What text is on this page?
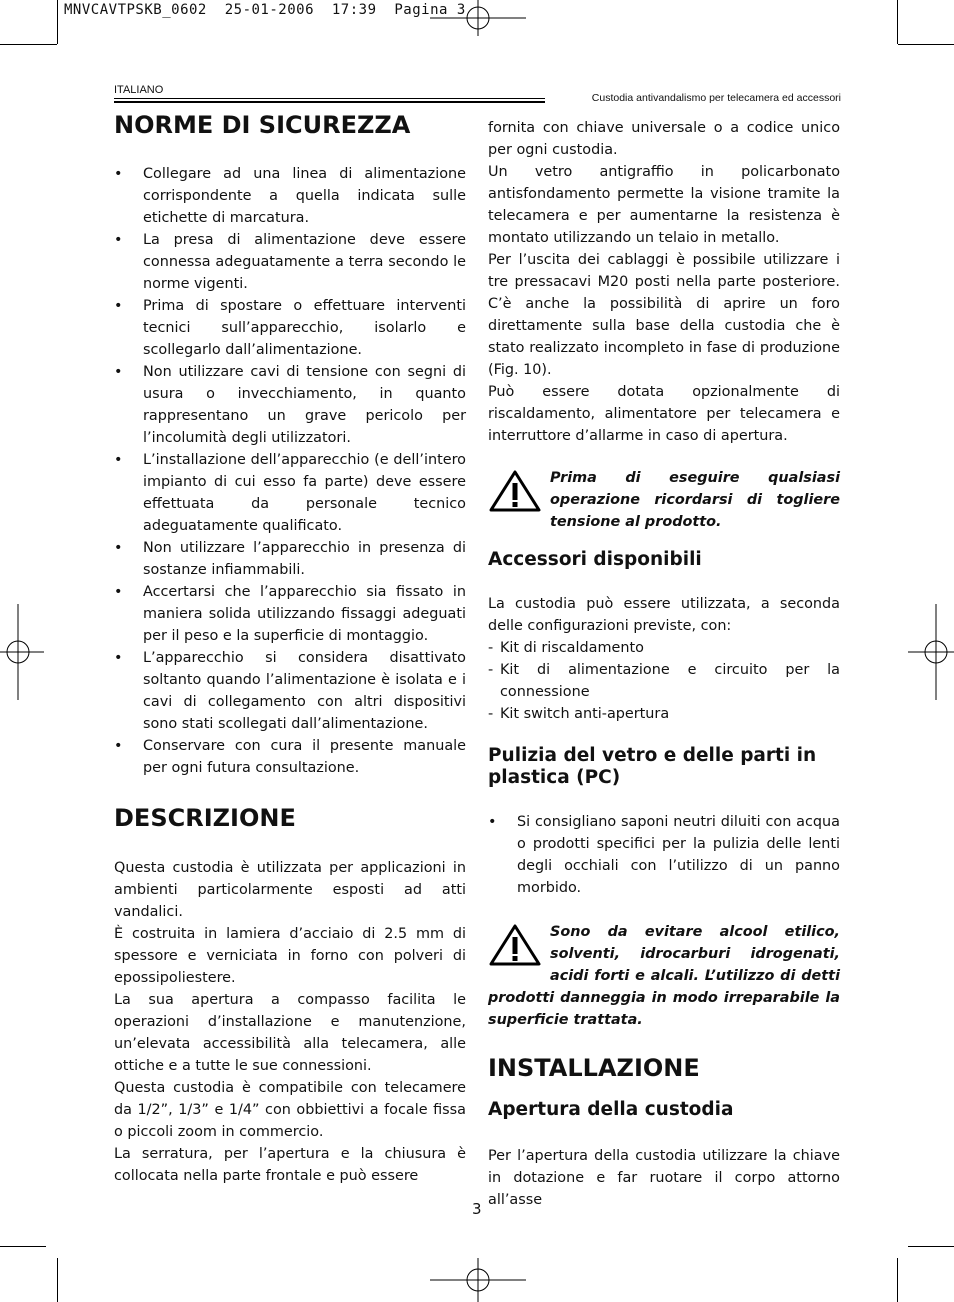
MNVCAVTPSKB_0602  25-01-2006  17:39  Pagina 3
ITALIANO
Custodia antivandalismo per telecamera ed accessori
NORME DI SICUREZZA
• Collegare ad una linea di alimentazione corrispondente a quella indicata sulle etichette di marcatura.
• La presa di alimentazione deve essere connessa adeguatamente a terra secondo le norme vigenti.
• Prima di spostare o effettuare interventi tecnici sull’apparecchio, isolarlo e scollegarlo dall’alimentazione.
• Non utilizzare cavi di tensione con segni di usura o invecchiamento, in quanto rappresentano un grave pericolo per l’incolumità degli utilizzatori.
• L’installazione dell’apparecchio (e dell’intero impianto di cui esso fa parte) deve essere effettuata da personale tecnico adeguatamente qualificato.
• Non utilizzare l’apparecchio in presenza di sostanze infiammabili.
• Accertarsi che l’apparecchio sia fissato in maniera solida utilizzando fissaggi adeguati per il peso e la superficie di montaggio.
• L’apparecchio si considera disattivato soltanto quando l’alimentazione è isolata e i cavi di collegamento con altri dispositivi sono stati scollegati dall’alimentazione.
• Conservare con cura il presente manuale per ogni futura consultazione.
DESCRIZIONE

Questa custodia è utilizzata per applicazioni in ambienti particolarmente esposti ad atti vandalici.

È costruita in lamiera d’acciaio di 2.5 mm di spessore e verniciata in forno con polveri di epossipoliestere.

La sua apertura a compasso facilita le operazioni d’installazione e manutenzione, un’elevata accessibilità alla telecamera, alle ottiche e a tutte le sue connessioni.

Questa custodia è compatibile con telecamere da 1/2”, 1/3” e 1/4” con obbiettivi a focale fissa o piccoli zoom in commercio.

La serratura, per l’apertura e la chiusura è collocata nella parte frontale e può essere

fornita con chiave universale o a codice unico per ogni custodia.

Un vetro antigraffio in policarbonato antisfondamento permette la visione tramite la telecamera e per aumentarne la resistenza è montato utilizzando un telaio in metallo.

Per l’uscita dei cablaggi è possibile utilizzare i tre pressacavi M20 posti nella parte posteriore. C’è anche la possibilità di aprire un foro direttamente sulla base della custodia che è stato realizzato incompleto in fase di produzione (Fig. 10).

Può essere dotata opzionalmente di riscaldamento, alimentatore per telecamera e interruttore d’allarme in caso di apertura.

Prima di eseguire qualsiasi operazione ricordarsi di togliere tensione al prodotto.
Accessori disponibili

La custodia può essere utilizzata, a seconda delle configurazioni previste, con:

- Kit di riscaldamento
- Kit di alimentazione e circuito per la connessione
- Kit switch anti-apertura
Pulizia del vetro e delle parti in plastica (PC)
• Si consigliano saponi neutri diluiti con acqua o prodotti specifici per la pulizia delle lenti degli occhiali con l’utilizzo di un panno morbido.
Sono da evitare alcool etilico, solventi, idrocarburi idrogenati, acidi forti e alcali. L’utilizzo di detti prodotti danneggia in modo irreparabile la superficie trattata.
INSTALLAZIONE
Apertura della custodia

Per l’apertura della custodia utilizzare la chiave in dotazione e far ruotare il corpo attorno all’asse

3
